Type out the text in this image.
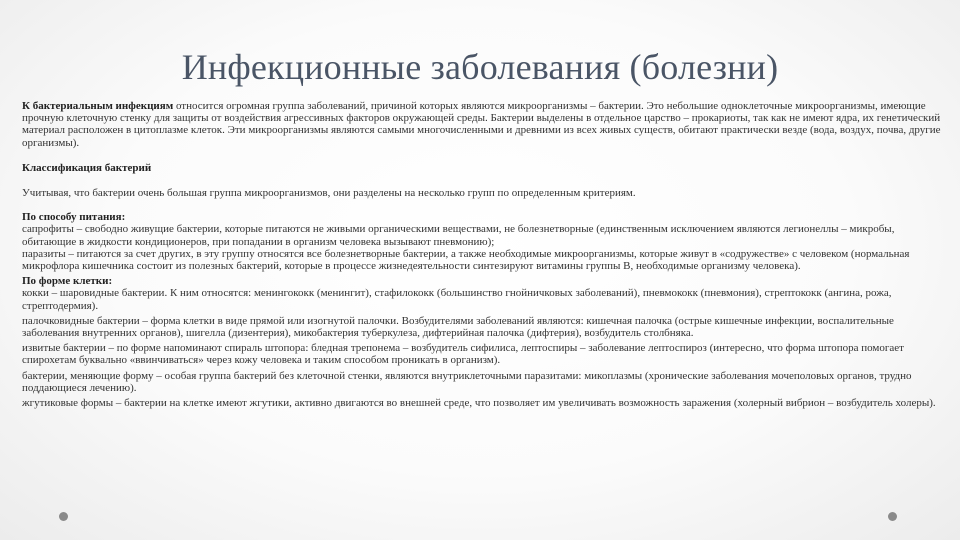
Инфекционные заболевания (болезни)

К бактериальным инфекциям относится огромная группа заболеваний, причиной которых являются микроорганизмы – бактерии. Это небольшие одноклеточные микроорганизмы, имеющие прочную клеточную стенку для защиты от воздействия агрессивных факторов окружающей среды. Бактерии выделены в отдельное царство – прокариоты, так как не имеют ядра, их генетический материал расположен в цитоплазме клеток. Эти микроорганизмы являются самыми многочисленными и древними из всех живых существ, обитают практически везде (вода, воздух, почва, другие организмы).

Классификация бактерий

Учитывая, что бактерии очень большая группа микроорганизмов, они разделены на несколько групп по определенным критериям.

По способу питания:

сапрофиты – свободно живущие бактерии, которые питаются не живыми органическими веществами, не болезнетворные (единственным исключением являются легионеллы – микробы, обитающие в жидкости кондиционеров, при попадании в организм человека вызывают пневмонию);

паразиты – питаются за счет других, в эту группу относятся все болезнетворные бактерии, а также необходимые микроорганизмы, которые живут в «содружестве» с человеком (нормальная микрофлора кишечника состоит из полезных бактерий, которые в процессе жизнедеятельности синтезируют витамины группы В, необходимые организму человека).

По форме клетки:

кокки – шаровидные бактерии. К ним относятся: менингококк (менингит), стафилококк (большинство гнойничковых заболеваний), пневмококк (пневмония), стрептококк (ангина, рожа, стрептодермия).

палочковидные бактерии – форма клетки в виде прямой или изогнутой палочки. Возбудителями заболеваний являются: кишечная палочка (острые кишечные инфекции, воспалительные заболевания внутренних органов), шигелла (дизентерия), микобактерия туберкулеза, дифтерийная палочка (дифтерия), возбудитель столбняка.

извитые бактерии – по форме напоминают спираль штопора: бледная трепонема – возбудитель сифилиса, лептоспиры – заболевание лептоспироз (интересно, что форма штопора помогает спирохетам буквально «ввинчиваться» через кожу человека и таким способом проникать в организм).

бактерии, меняющие форму – особая группа бактерий без клеточной стенки, являются внутриклеточными паразитами: микоплазмы (хронические заболевания мочеполовых органов, трудно поддающиеся лечению).

жгутиковые формы – бактерии на клетке имеют жгутики, активно двигаются во внешней среде, что позволяет им увеличивать возможность заражения (холерный вибрион – возбудитель холеры).
